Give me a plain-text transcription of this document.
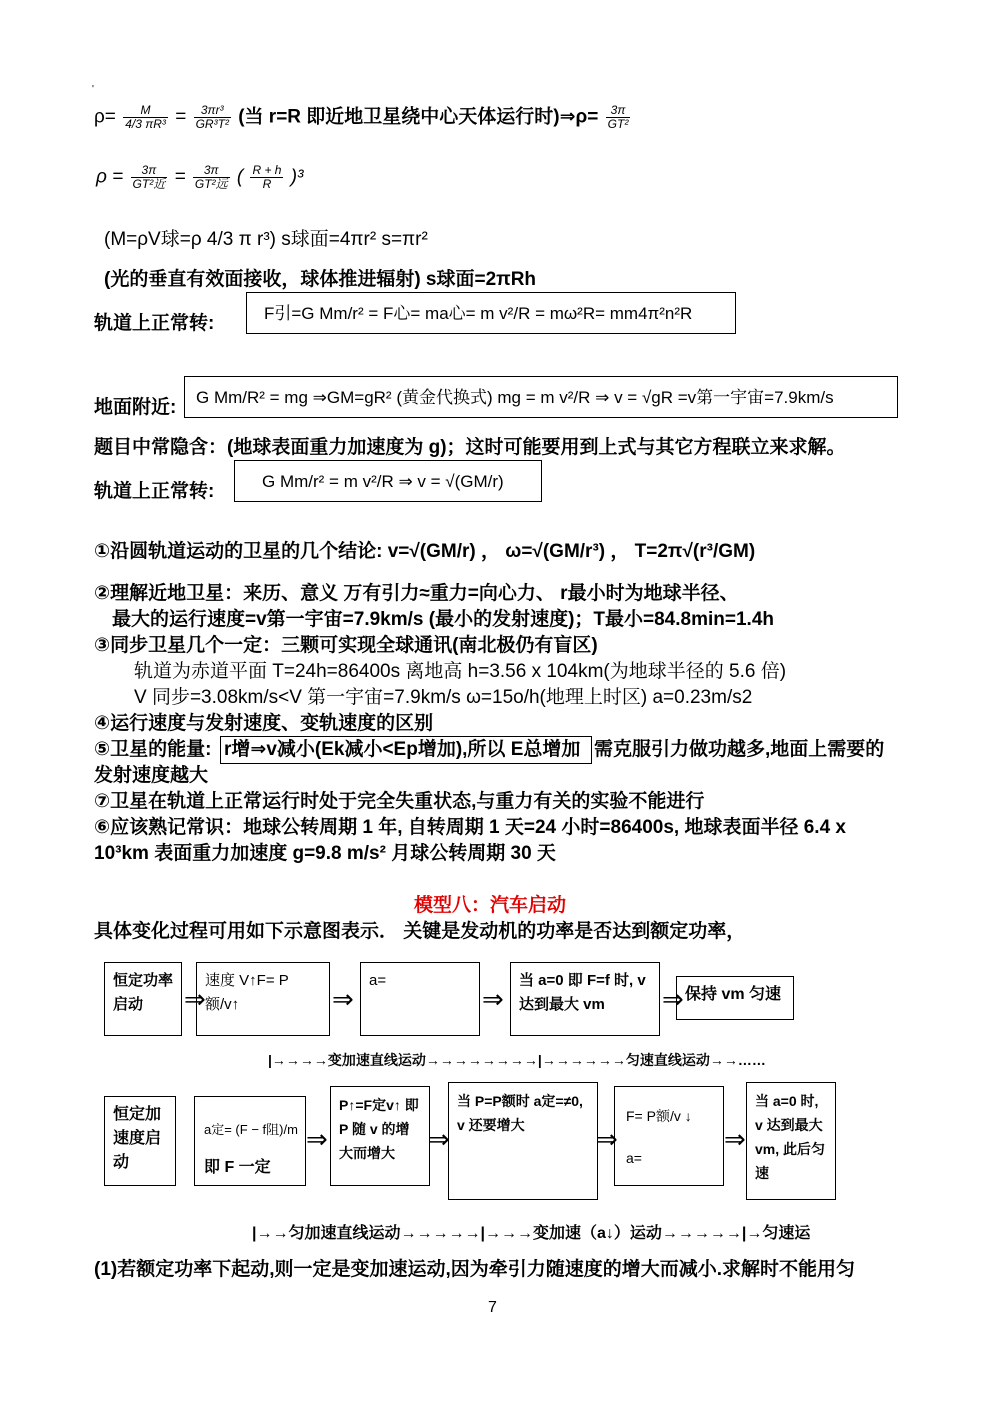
'
$\rho= \frac{M}{\text{4/3 πR³}} = \frac{\text{3πr³}}{\text{GR³T²}}$ (当 r=R 即近地卫星绕中心天体运行时)⇒ρ= $\frac{3\pi}{\text{GT²}}$
$\rho = \frac{3\pi}{\text{GT²近}} = \frac{3\pi}{\text{GT²远}}$ ( $\frac{R + h}{R} )^3$
(M=ρV球=ρ 4/3 π r³) s球面=4πr² s=πr²
(光的垂直有效面接收，球体推进辐射) s球面=2πRh
轨道上正常转:	F引=G Mm/r² = F心= ma心= m v²/R = mω²R= mm4π²n²R
地面附近: G Mm/R² = mg ⇒GM=gR² (黄金代换式) mg = m v²/R ⇒ v = √gR =v第一宇宙=7.9km/s
题目中常隐含：(地球表面重力加速度为 g)；这时可能要用到上式与其它方程联立来求解。
轨道上正常转:	G Mm/r² = m v²/R ⇒ v = √(GM/r)
①沿圆轨道运动的卫星的几个结论: v=√(GM/r) ， ω=√(GM/r³) ， T=2π√(r³/GM)
②理解近地卫星：来历、意义 万有引力≈重力=向心力、 r最小时为地球半径、
最大的运行速度=v第一宇宙=7.9km/s (最小的发射速度)；T最小=84.8min=1.4h
③同步卫星几个一定：三颗可实现全球通讯(南北极仍有盲区)
轨道为赤道平面 T=24h=86400s 离地高 h=3.56 x 104km(为地球半径的 5.6 倍)
V 同步=3.08km/s<V 第一宇宙=7.9km/s ω=15o/h(地理上时区) a=0.23m/s2
④运行速度与发射速度、变轨速度的区别
⑤卫星的能量: r增⇒v减小(Ek减小<Ep增加),所以 E总增加 需克服引力做功越多,地面上需要的
发射速度越大
⑦卫星在轨道上正常运行时处于完全失重状态,与重力有关的实验不能进行
⑥应该熟记常识：地球公转周期 1 年, 自转周期 1 天=24 小时=86400s, 地球表面半径 6.4 x
10³km 表面重力加速度 g=9.8 m/s² 月球公转周期 30 天
模型八：汽车启动
具体变化过程可用如下示意图表示． 关键是发动机的功率是否达到额定功率，
恒定功率启动	⇒
速度 V↑F= P额/v↑	⇒
a=
⇒
当 a=0 即 F=f 时, v 达到最大 vm	⇒ 保持 vm 匀速
|→→→→变加速直线运动→→→→→→→→|→→→→→→匀速直线运动→→……
恒定加速度启动
a定= (F − f阻)/m
即 F 一定
⇒
P↑=F定v↑ 即 P 随 v 的增大而增大	⇒
当 P=P额时 a定=≠0, v 还要增大	⇒
F= P额/v ↓
a=
⇒
当 a=0 时, v 达到最大 vm, 此后匀速
|→→匀加速直线运动→→→→→|→→→变加速（a↓）运动→→→→→|→匀速运
(1)若额定功率下起动,则一定是变加速运动,因为牵引力随速度的增大而减小.求解时不能用匀
7
